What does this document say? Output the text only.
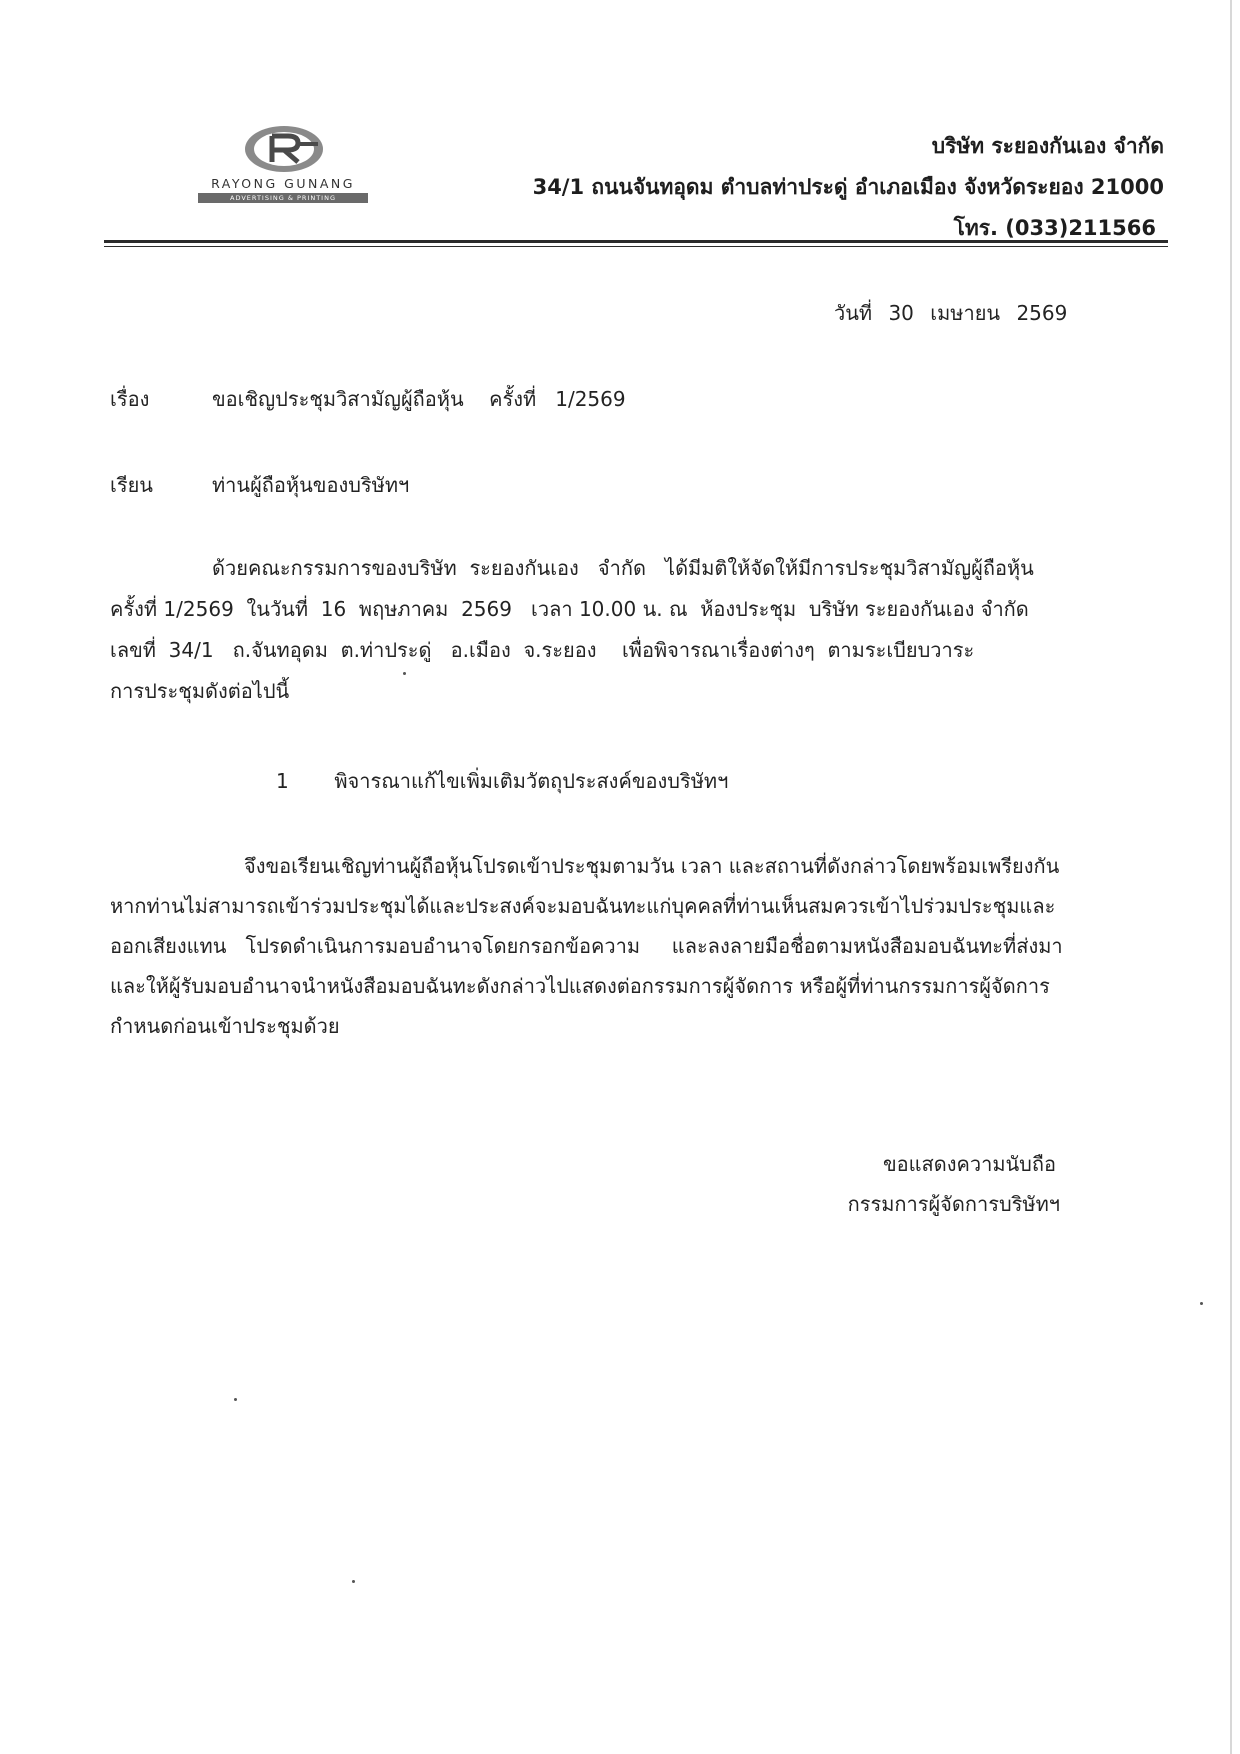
RAYONG GUNANG
ADVERTISING & PRINTING
บริษัท ระยองกันเอง จำกัด
34/1 ถนนจันทอุดม ตำบลท่าประดู่ อำเภอเมือง จังหวัดระยอง 21000
โทร. (033)211566
วันที่ 30 เมษายน 2569
เรื่อง	ขอเชิญประชุมวิสามัญผู้ถือหุ้น    ครั้งที่   1/2569
เรียน	ท่านผู้ถือหุ้นของบริษัทฯ
ด้วยคณะกรรมการของบริษัท  ระยองกันเอง   จำกัด   ได้มีมติให้จัดให้มีการประชุมวิสามัญผู้ถือหุ้น
ครั้งที่ 1/2569  ในวันที่  16  พฤษภาคม  2569   เวลา 10.00 น. ณ  ห้องประชุม  บริษัท ระยองกันเอง จำกัด
เลขที่  34/1   ถ.จันทอุดม  ต.ท่าประดู่   อ.เมือง  จ.ระยอง    เพื่อพิจารณาเรื่องต่างๆ  ตามระเบียบวาระ
การประชุมดังต่อไปนี้
1 พิจารณาแก้ไขเพิ่มเติมวัตถุประสงค์ของบริษัทฯ
จึงขอเรียนเชิญท่านผู้ถือหุ้นโปรดเข้าประชุมตามวัน เวลา และสถานที่ดังกล่าวโดยพร้อมเพรียงกัน
หากท่านไม่สามารถเข้าร่วมประชุมได้และประสงค์จะมอบฉันทะแก่บุคคลที่ท่านเห็นสมควรเข้าไปร่วมประชุมและ
ออกเสียงแทน   โปรดดำเนินการมอบอำนาจโดยกรอกข้อความ     และลงลายมือชื่อตามหนังสือมอบฉันทะที่ส่งมา
และให้ผู้รับมอบอำนาจนำหนังสือมอบฉันทะดังกล่าวไปแสดงต่อกรรมการผู้จัดการ หรือผู้ที่ท่านกรรมการผู้จัดการ
กำหนดก่อนเข้าประชุมด้วย
ขอแสดงความนับถือ
กรรมการผู้จัดการบริษัทฯ
